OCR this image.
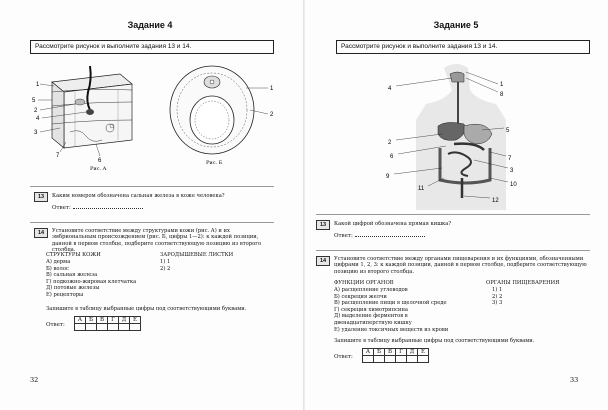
Задание 4
Рассмотрите рисунок и выполните задания 13 и 14.
1
5
2
4
3
7
6
Рис. А
1
2
Рис. Б
13	Каким номером обозначена сальная железа в коже человека?
Ответ:
14	Установите соответствие между структурами кожи (рис. А) и их эмбриональным происхождением (рис. Б, цифры 1—2): к каждой позиции, данной в первом столбце, подберите соответствующую позицию из второго столбца.
СТРУКТУРЫ КОЖИ	ЗАРОДЫШЕВЫЕ ЛИСТКИ
А) дерма
Б) волос
В) сальная железа
Г) подкожно-жировая клетчатка
Д) потовые железы
Е) рецепторы
1) 1
2) 2
Запишите в таблицу выбранные цифры под соответствующими буквами.
Ответ:
А	Б	В	Г	Д	Е

32
Задание 5
Рассмотрите рисунок и выполните задания 13 и 14.
4
1
8
5
2
6	7
3
9
10
11
12
13	Какой цифрой обозначена прямая кишка?
Ответ:
14	Установите соответствие между органами пищеварения и их функциями, обозначенными цифрами 1, 2, 3: к каждой позиции, данной в первом столбце, подберите соответствующую позицию из второго столбца.
ФУНКЦИИ ОРГАНОВ	ОРГАНЫ ПИЩЕВАРЕНИЯ
А) расщепление углеводов
Б) секреция желчи
В) расщепление пищи в щелочной среде
Г) секреция химотрипсина
Д) выделение ферментов в двенадцатиперстную кишку
Е) удаление токсичных веществ из крови
1) 1
2) 2
3) 3
Запишите в таблицу выбранные цифры под соответствующими буквами.
Ответ:
А	Б	В	Г	Д	Е

33
